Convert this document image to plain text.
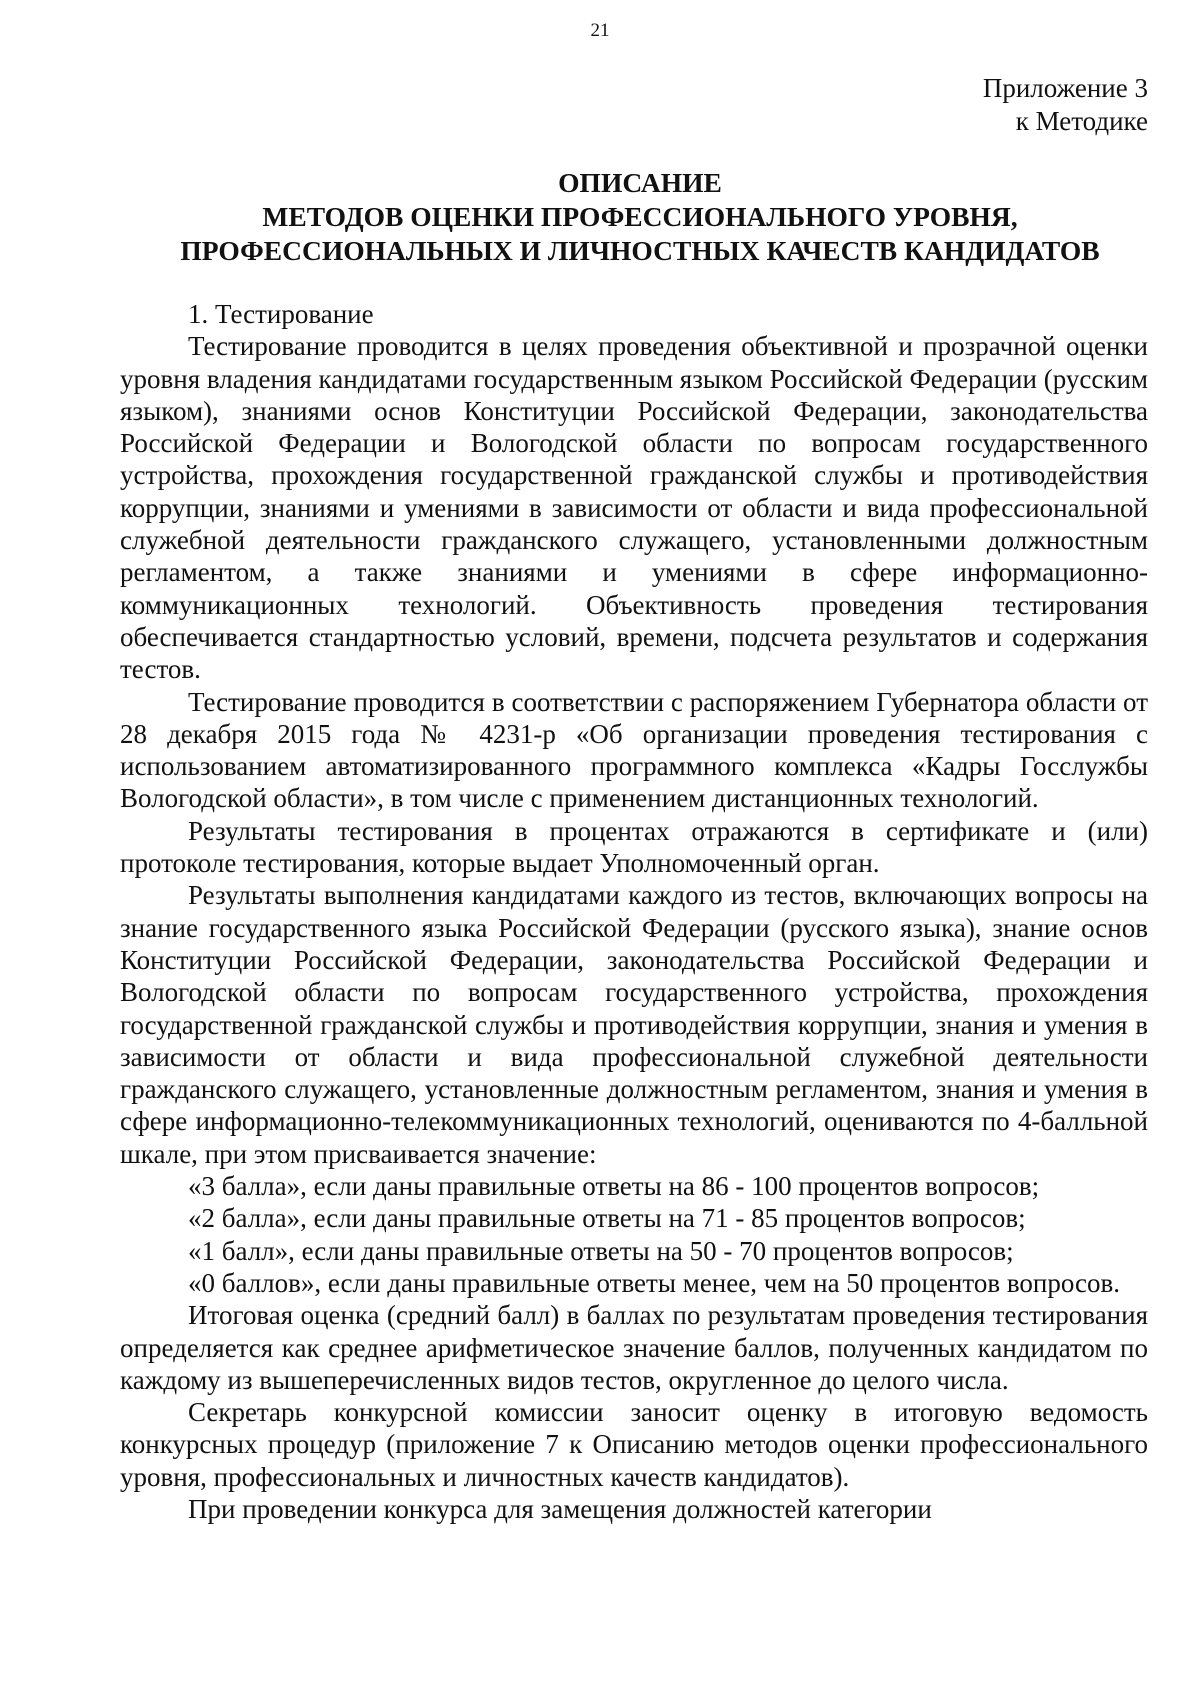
21
Приложение 3
к Методике
ОПИСАНИЕ
МЕТОДОВ ОЦЕНКИ ПРОФЕССИОНАЛЬНОГО УРОВНЯ,
ПРОФЕССИОНАЛЬНЫХ И ЛИЧНОСТНЫХ КАЧЕСТВ КАНДИДАТОВ

1. Тестирование

Тестирование проводится в целях проведения объективной и прозрачной оценки уровня владения кандидатами государственным языком Российской Федерации (русским языком), знаниями основ Конституции Российской Федерации, законодательства Российской Федерации и Вологодской области по вопросам государственного устройства, прохождения государственной гражданской службы и противодействия коррупции, знаниями и умениями в зависимости от области и вида профессиональной служебной деятельности гражданского служащего, установленными должностным регламентом, а также знаниями и умениями в сфере информационно-коммуникационных технологий. Объективность проведения тестирования обеспечивается стандартностью условий, времени, подсчета результатов и содержания тестов.

Тестирование проводится в соответствии с распоряжением Губернатора области от 28 декабря 2015 года № 4231-р «Об организации проведения тестирования с использованием автоматизированного программного комплекса «Кадры Госслужбы Вологодской области», в том числе с применением дистанционных технологий.

Результаты тестирования в процентах отражаются в сертификате и (или) протоколе тестирования, которые выдает Уполномоченный орган.

Результаты выполнения кандидатами каждого из тестов, включающих вопросы на знание государственного языка Российской Федерации (русского языка), знание основ Конституции Российской Федерации, законодательства Российской Федерации и Вологодской области по вопросам государственного устройства, прохождения государственной гражданской службы и противодействия коррупции, знания и умения в зависимости от области и вида профессиональной служебной деятельности гражданского служащего, установленные должностным регламентом, знания и умения в сфере информационно-телекоммуникационных технологий, оцениваются по 4-балльной шкале, при этом присваивается значение:

«3 балла», если даны правильные ответы на 86 - 100 процентов вопросов;

«2 балла», если даны правильные ответы на 71 - 85 процентов вопросов;

«1 балл», если даны правильные ответы на 50 - 70 процентов вопросов;

«0 баллов», если даны правильные ответы менее, чем на 50 процентов вопросов.

Итоговая оценка (средний балл) в баллах по результатам проведения тестирования определяется как среднее арифметическое значение баллов, полученных кандидатом по каждому из вышеперечисленных видов тестов, округленное до целого числа.

Секретарь конкурсной комиссии заносит оценку в итоговую ведомость конкурсных процедур (приложение 7 к Описанию методов оценки профессионального уровня, профессиональных и личностных качеств кандидатов).

При проведении конкурса для замещения должностей категории
